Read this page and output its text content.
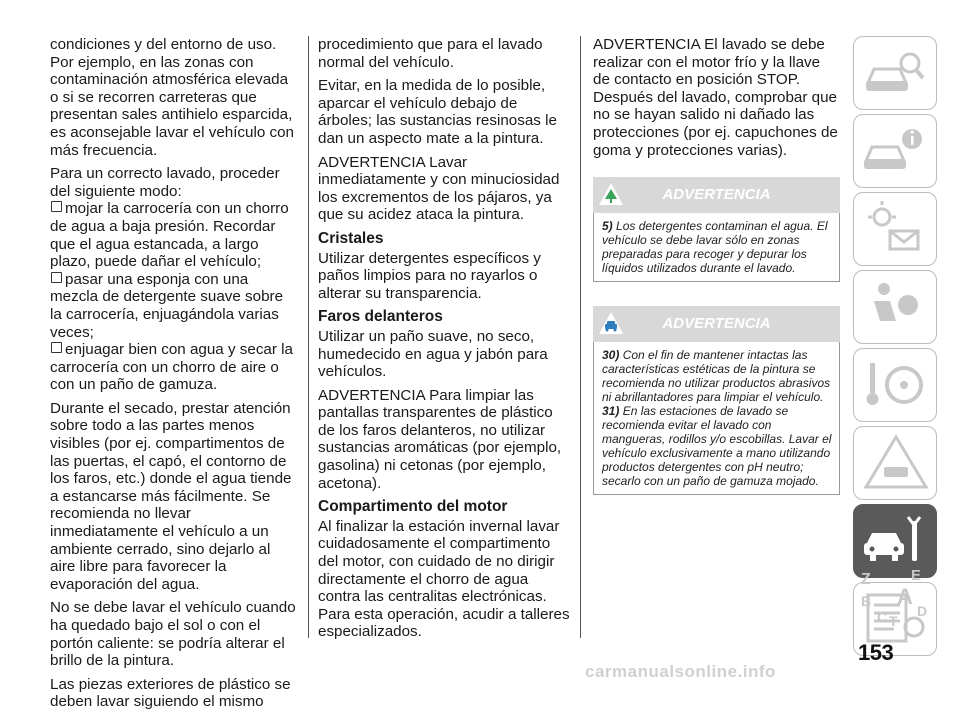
condiciones y del entorno de uso. Por ejemplo, en las zonas con contaminación atmosférica elevada o si se recorren carreteras que presentan sales antihielo esparcida, es aconsejable lavar el vehículo con más frecuencia.

Para un correcto lavado, proceder del siguiente modo:

mojar la carrocería con un chorro de agua a baja presión. Recordar que el agua estancada, a largo plazo, puede dañar el vehículo;

pasar una esponja con una mezcla de detergente suave sobre la carrocería, enjuagándola varias veces;

enjuagar bien con agua y secar la carrocería con un chorro de aire o con un paño de gamuza.

Durante el secado, prestar atención sobre todo a las partes menos visibles (por ej. compartimentos de las puertas, el capó, el contorno de los faros, etc.) donde el agua tiende a estancarse más fácilmente. Se recomienda no llevar inmediatamente el vehículo a un ambiente cerrado, sino dejarlo al aire libre para favorecer la evaporación del agua.

No se debe lavar el vehículo cuando ha quedado bajo el sol o con el portón caliente: se podría alterar el brillo de la pintura.

Las piezas exteriores de plástico se deben lavar siguiendo el mismo

procedimiento que para el lavado normal del vehículo.

Evitar, en la medida de lo posible, aparcar el vehículo debajo de árboles; las sustancias resinosas le dan un aspecto mate a la pintura.

ADVERTENCIA Lavar inmediatamente y con minuciosidad los excrementos de los pájaros, ya que su acidez ataca la pintura.

Cristales

Utilizar detergentes específicos y paños limpios para no rayarlos o alterar su transparencia.

Faros delanteros

Utilizar un paño suave, no seco, humedecido en agua y jabón para vehículos.

ADVERTENCIA Para limpiar las pantallas transparentes de plástico de los faros delanteros, no utilizar sustancias aromáticas (por ejemplo, gasolina) ni cetonas (por ejemplo, acetona).

Compartimento del motor

Al finalizar la estación invernal lavar cuidadosamente el compartimento del motor, con cuidado de no dirigir directamente el chorro de agua contra las centralitas electrónicas. Para esta operación, acudir a talleres especializados.

ADVERTENCIA El lavado se debe realizar con el motor frío y la llave de contacto en posición STOP. Después del lavado, comprobar que no se hayan salido ni dañado las protecciones (por ej. capuchones de goma y protecciones varias).

ADVERTENCIA
5) Los detergentes contaminan el agua. El vehículo se debe lavar sólo en zonas preparadas para recoger y depurar los líquidos utilizados durante el lavado.
ADVERTENCIA
30) Con el fin de mantener intactas las características estéticas de la pintura se recomienda no utilizar productos abrasivos ni abrillantadores para limpiar el vehículo.
31) En las estaciones de lavado se recomienda evitar el lavado con mangueras, rodillos y/o escobillas. Lavar el vehículo exclusivamente a mano utilizando productos detergentes con pH neutro; secarlo con un paño de gamuza mojado.
Z	E
B A
C T
D
153
carmanualsonline.info
